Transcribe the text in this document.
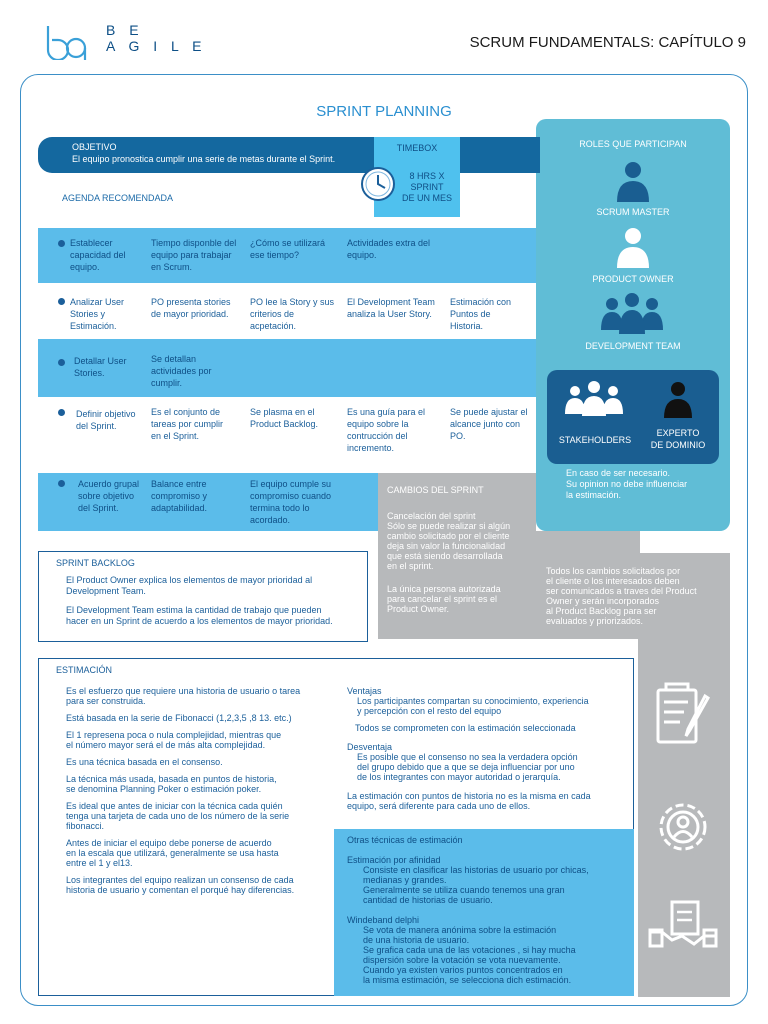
B E
A G I L E	SCRUM FUNDAMENTALS: CAPÍTULO 9
SPRINT PLANNING
ROLES QUE PARTICIPAN
SCRUM MASTER
PRODUCT OWNER
DEVELOPMENT TEAM
STAKEHOLDERS
EXPERTO
DE DOMINIO
En caso de ser necesario.
Su opinion no debe influenciar
la estimación.
CAMBIOS DEL SPRINT
Cancelación del sprint
Sólo se puede realizar si algún
cambio solicitado por el cliente
deja sin valor la funcionalidad
que está siendo desarrollada
en el sprint.
La única persona autorizada
para cancelar el sprint es el
Product Owner.
Todos los cambios solicitados por
el cliente o los interesados deben
ser comunicados a traves del Product
Owner y serán incorporados
al Product Backlog para ser
evaluados y priorizados.
OBJETIVO
El equipo pronostica cumplir una serie de metas durante el Sprint.
TIMEBOX
8 HRS X
SPRINT
DE UN MES
AGENDA RECOMENDADA
Establecer capacidad del equipo.
Tiempo disponble del equipo para trabajar en Scrum.
¿Cómo se utilizará ese tiempo?
Actividades extra del equipo.
Analizar User Stories y Estimación.
PO presenta stories de mayor prioridad.
PO lee la Story y sus criterios de acpetación.
El Development Team analiza la User Story.
Estimación con Puntos de Historia.
Detallar User Stories.
Se detallan actividades por cumplir.
Definir objetivo del Sprint.
Es el conjunto de tareas por cumplir en el Sprint.
Se plasma en el Product Backlog.
Es una guía para el equipo sobre la contrucción del incremento.
Se puede ajustar el alcance junto con PO.
Acuerdo grupal sobre objetivo del Sprint.
Balance entre compromiso y adaptabilidad.
El equipo cumple su compromiso cuando termina todo lo acordado.
SPRINT BACKLOG
El Product Owner explica los elementos de mayor prioridad al
Development Team.
El Development Team estima la cantidad de trabajo que pueden
hacer en un Sprint de acuerdo a los elementos de mayor prioridad.
ESTIMACIÓN
Es el esfuerzo que requiere una historia de usuario o tarea
para ser construida.
Está basada en la serie de Fibonacci (1,2,3,5 ,8 13. etc.)
El 1 represena poca o nula complejidad, mientras que
el número mayor será el de más alta complejidad.
Es una técnica basada en el consenso.
La técnica más usada, basada en puntos de historia,
se denomina Planning Poker o estimación poker.
Es ideal que antes de iniciar con la técnica cada quién
tenga una tarjeta de cada uno de los número de la serie
fibonacci.
Antes de iniciar el equipo debe ponerse de acuerdo
en la escala que utilizará, generalmente se usa hasta
entre el 1 y el13.
Los integrantes del equipo realizan un consenso de cada
historia de usuario y comentan el porqué hay diferencias.
Ventajas
Los participantes compartan su conocimiento, experiencia
y percepción con el resto del equipo
Todos se comprometen con la estimación seleccionada
Desventaja
Es posible que el consenso no sea la verdadera opción
del grupo debido que a que se deja influenciar por uno
de los integrantes con mayor autoridad o jerarquía.
La estimación con puntos de historia no es la misma en cada
equipo, será diferente para cada uno de ellos.
Otras técnicas de estimación
Estimación por afinidad
Consiste en clasificar las historias de usuario por chicas,
medianas y grandes.
Generalmente se utiliza cuando tenemos una gran
cantidad de historias de usuario.
Windeband delphi
Se vota de manera anónima sobre la estimación
de una historia de usuario.
Se grafica cada una de las votaciones , si hay mucha
dispersión sobre la votación se vota nuevamente.
Cuando ya existen varios puntos concentrados en
la misma estimación, se selecciona dich estimación.
